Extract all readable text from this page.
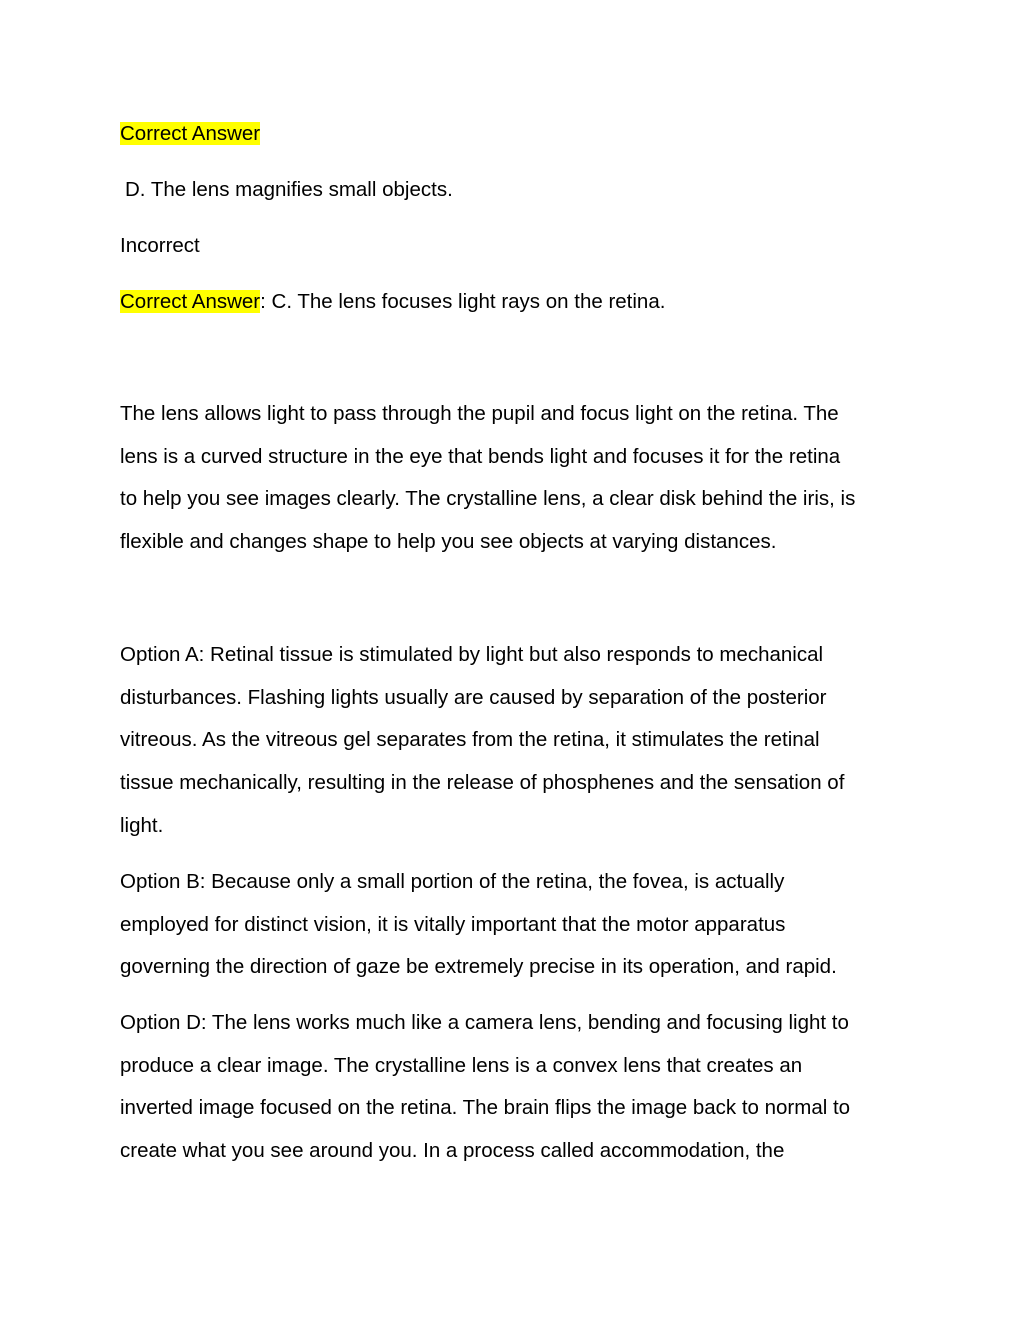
Correct Answer

D. The lens magnifies small objects.

Incorrect

Correct Answer: C. The lens focuses light rays on the retina.

The lens allows light to pass through the pupil and focus light on the retina. The
lens is a curved structure in the eye that bends light and focuses it for the retina
to help you see images clearly. The crystalline lens, a clear disk behind the iris, is
flexible and changes shape to help you see objects at varying distances.
Option A: Retinal tissue is stimulated by light but also responds to mechanical
disturbances. Flashing lights usually are caused by separation of the posterior
vitreous. As the vitreous gel separates from the retina, it stimulates the retinal
tissue mechanically, resulting in the release of phosphenes and the sensation of
light.
Option B: Because only a small portion of the retina, the fovea, is actually
employed for distinct vision, it is vitally important that the motor apparatus
governing the direction of gaze be extremely precise in its operation, and rapid.
Option D: The lens works much like a camera lens, bending and focusing light to
produce a clear image. The crystalline lens is a convex lens that creates an
inverted image focused on the retina. The brain flips the image back to normal to
create what you see around you. In a process called accommodation, the
